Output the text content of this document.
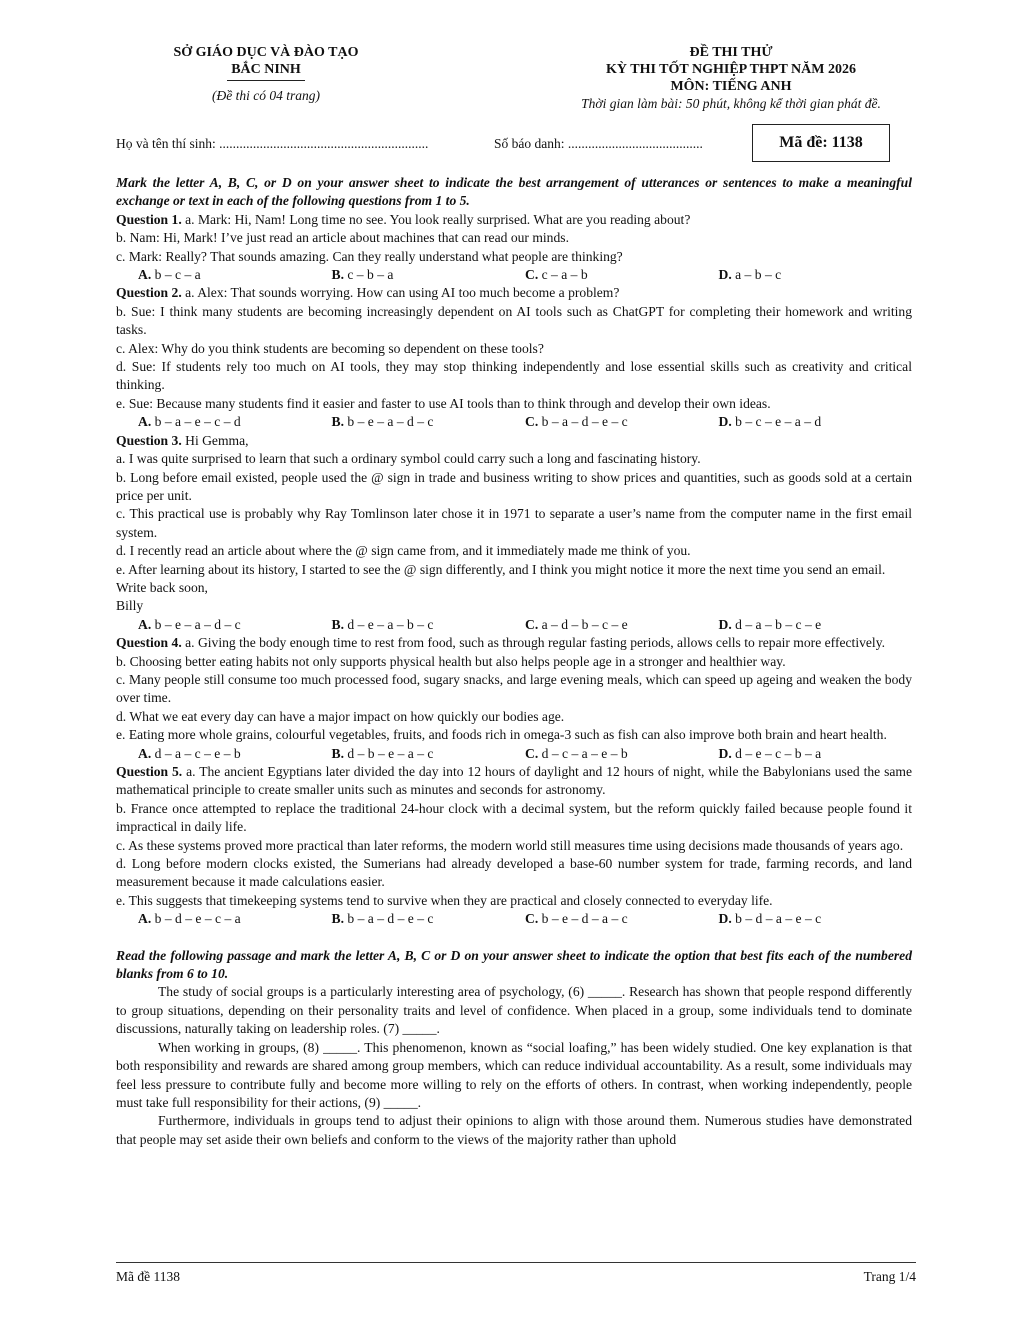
SỞ GIÁO DỤC VÀ ĐÀO TẠO
BẮC NINH
(Đề thi có 04 trang)
ĐỀ THI THỬ
KỲ THI TỐT NGHIỆP THPT NĂM 2026
MÔN: TIẾNG ANH
Thời gian làm bài: 50 phút, không kể thời gian phát đề.
Họ và tên thí sinh: ..............................................................	Số báo danh: ........................................	Mã đề: 1138
Mark the letter A, B, C, or D on your answer sheet to indicate the best arrangement of utterances or sentences to make a meaningful exchange or text in each of the following questions from 1 to 5.
Question 1. a. Mark: Hi, Nam! Long time no see. You look really surprised. What are you reading about?
b. Nam: Hi, Mark! I’ve just read an article about machines that can read our minds.
c. Mark: Really? That sounds amazing. Can they really understand what people are thinking?
A. b – c – a	B. c – b – a	C. c – a – b	D. a – b – c
Question 2. a. Alex: That sounds worrying. How can using AI too much become a problem?
b. Sue: I think many students are becoming increasingly dependent on AI tools such as ChatGPT for completing their homework and writing tasks.
c. Alex: Why do you think students are becoming so dependent on these tools?
d. Sue: If students rely too much on AI tools, they may stop thinking independently and lose essential skills such as creativity and critical thinking.
e. Sue: Because many students find it easier and faster to use AI tools than to think through and develop their own ideas.
A. b – a – e – c – d	B. b – e – a – d – c	C. b – a – d – e – c	D. b – c – e – a – d
Question 3. Hi Gemma,
a. I was quite surprised to learn that such a ordinary symbol could carry such a long and fascinating history.
b. Long before email existed, people used the @ sign in trade and business writing to show prices and quantities, such as goods sold at a certain price per unit.
c. This practical use is probably why Ray Tomlinson later chose it in 1971 to separate a user’s name from the computer name in the first email system.
d. I recently read an article about where the @ sign came from, and it immediately made me think of you.
e. After learning about its history, I started to see the @ sign differently, and I think you might notice it more the next time you send an email.
Write back soon,
Billy
A. b – e – a – d – c	B. d – e – a – b – c	C. a – d – b – c – e	D. d – a – b – c – e
Question 4. a. Giving the body enough time to rest from food, such as through regular fasting periods, allows cells to repair more effectively.
b. Choosing better eating habits not only supports physical health but also helps people age in a stronger and healthier way.
c. Many people still consume too much processed food, sugary snacks, and large evening meals, which can speed up ageing and weaken the body over time.
d. What we eat every day can have a major impact on how quickly our bodies age.
e. Eating more whole grains, colourful vegetables, fruits, and foods rich in omega-3 such as fish can also improve both brain and heart health.
A. d – a – c – e – b	B. d – b – e – a – c	C. d – c – a – e – b	D. d – e – c – b – a
Question 5. a. The ancient Egyptians later divided the day into 12 hours of daylight and 12 hours of night, while the Babylonians used the same mathematical principle to create smaller units such as minutes and seconds for astronomy.
b. France once attempted to replace the traditional 24-hour clock with a decimal system, but the reform quickly failed because people found it impractical in daily life.
c. As these systems proved more practical than later reforms, the modern world still measures time using decisions made thousands of years ago.
d. Long before modern clocks existed, the Sumerians had already developed a base-60 number system for trade, farming records, and land measurement because it made calculations easier.
e. This suggests that timekeeping systems tend to survive when they are practical and closely connected to everyday life.
A. b – d – e – c – a	B. b – a – d – e – c	C. b – e – d – a – c	D. b – d – a – e – c
Read the following passage and mark the letter A, B, C or D on your answer sheet to indicate the option that best fits each of the numbered blanks from 6 to 10.
The study of social groups is a particularly interesting area of psychology, (6) _____. Research has shown that people respond differently to group situations, depending on their personality traits and level of confidence. When placed in a group, some individuals tend to dominate discussions, naturally taking on leadership roles. (7) _____.
When working in groups, (8) _____. This phenomenon, known as “social loafing,” has been widely studied. One key explanation is that both responsibility and rewards are shared among group members, which can reduce individual accountability. As a result, some individuals may feel less pressure to contribute fully and become more willing to rely on the efforts of others. In contrast, when working independently, people must take full responsibility for their actions, (9) _____.
Furthermore, individuals in groups tend to adjust their opinions to align with those around them. Numerous studies have demonstrated that people may set aside their own beliefs and conform to the views of the majority rather than uphold
Mã đề 1138	Trang 1/4
